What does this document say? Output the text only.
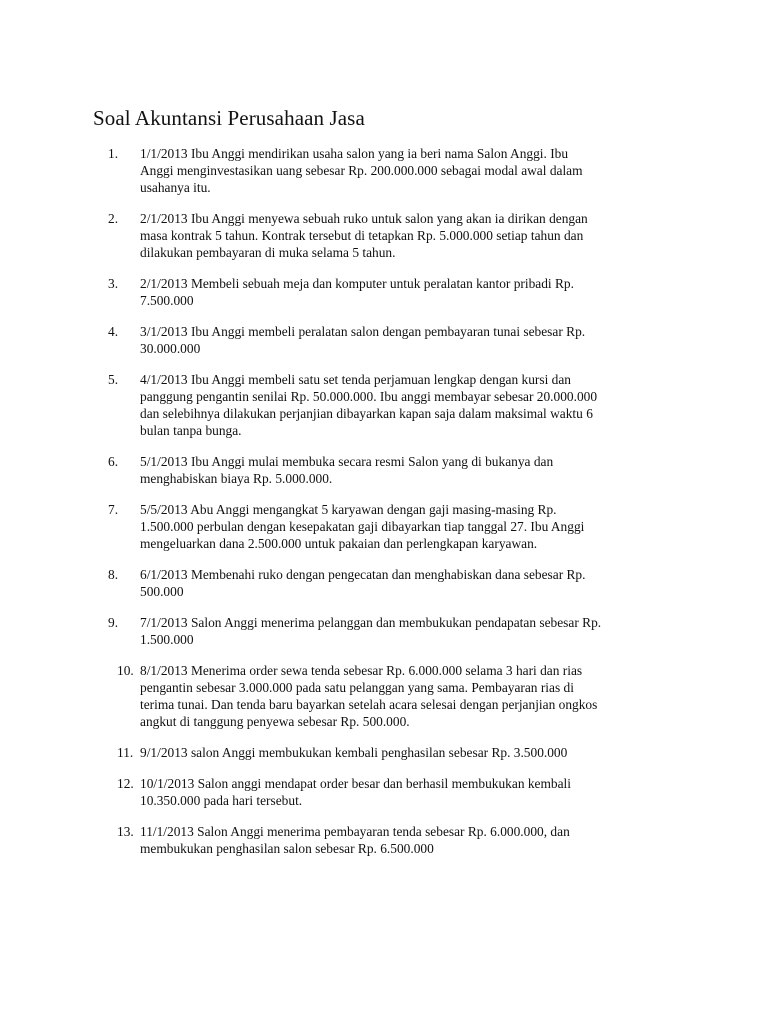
Soal Akuntansi Perusahaan Jasa
1.	1/1/2013 Ibu Anggi mendirikan usaha salon yang ia beri nama Salon Anggi. Ibu
Anggi menginvestasikan uang sebesar Rp. 200.000.000 sebagai modal awal dalam
usahanya itu.
2.	2/1/2013 Ibu Anggi menyewa sebuah ruko untuk salon yang akan ia dirikan dengan
masa kontrak 5 tahun. Kontrak tersebut di tetapkan Rp. 5.000.000 setiap tahun dan
dilakukan pembayaran di muka selama 5 tahun.
3.	2/1/2013 Membeli sebuah meja dan komputer untuk peralatan kantor pribadi Rp.
7.500.000
4.	3/1/2013 Ibu Anggi membeli peralatan salon dengan pembayaran tunai sebesar Rp.
30.000.000
5.	4/1/2013 Ibu Anggi membeli satu set tenda perjamuan lengkap dengan kursi dan
panggung pengantin senilai Rp. 50.000.000. Ibu anggi membayar sebesar 20.000.000
dan selebihnya dilakukan perjanjian dibayarkan kapan saja dalam maksimal waktu 6
bulan tanpa bunga.
6.	5/1/2013 Ibu Anggi mulai membuka secara resmi Salon yang di bukanya dan
menghabiskan biaya Rp. 5.000.000.
7.	5/5/2013 Abu Anggi mengangkat 5 karyawan dengan gaji masing-masing Rp.
1.500.000 perbulan dengan kesepakatan gaji dibayarkan tiap tanggal 27. Ibu Anggi
mengeluarkan dana 2.500.000 untuk pakaian dan perlengkapan karyawan.
8.	6/1/2013 Membenahi ruko dengan pengecatan dan menghabiskan dana sebesar Rp.
500.000
9.	7/1/2013 Salon Anggi menerima pelanggan dan membukukan pendapatan sebesar Rp.
1.500.000
10. 8/1/2013 Menerima order sewa tenda sebesar Rp. 6.000.000 selama 3 hari dan rias
pengantin sebesar 3.000.000 pada satu pelanggan yang sama. Pembayaran rias di
terima tunai. Dan tenda baru bayarkan setelah acara selesai dengan perjanjian ongkos
angkut di tanggung penyewa sebesar Rp. 500.000.
11. 9/1/2013 salon Anggi membukukan kembali penghasilan sebesar Rp. 3.500.000
12. 10/1/2013 Salon anggi mendapat order besar dan berhasil membukukan kembali
10.350.000 pada hari tersebut.
13. 11/1/2013 Salon Anggi menerima pembayaran tenda sebesar Rp. 6.000.000, dan
membukukan penghasilan salon sebesar Rp. 6.500.000
